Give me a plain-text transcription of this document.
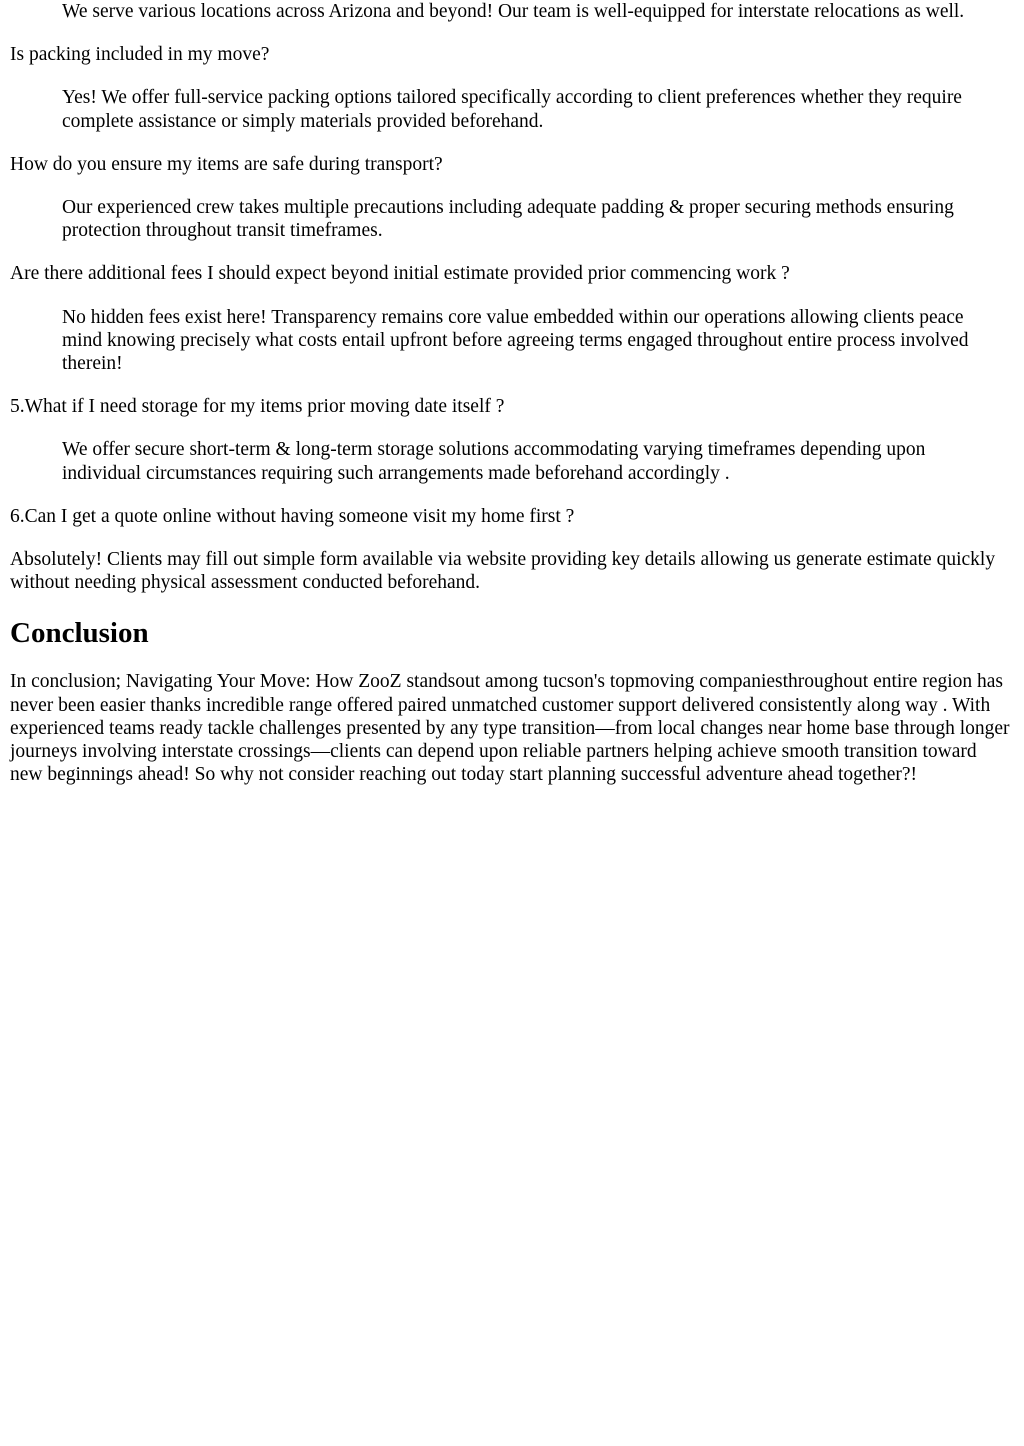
We serve various locations across Arizona and beyond! Our team is well-equipped for interstate relocations as well.

Is packing included in my move?

Yes! We offer full-service packing options tailored specifically according to client preferences whether they require complete assistance or simply materials provided beforehand.

How do you ensure my items are safe during transport?

Our experienced crew takes multiple precautions including adequate padding & proper securing methods ensuring protection throughout transit timeframes.

Are there additional fees I should expect beyond initial estimate provided prior commencing work ?

No hidden fees exist here! Transparency remains core value embedded within our operations allowing clients peace mind knowing precisely what costs entail upfront before agreeing terms engaged throughout entire process involved therein!

5.What if I need storage for my items prior moving date itself ?

We offer secure short-term & long-term storage solutions accommodating varying timeframes depending upon individual circumstances requiring such arrangements made beforehand accordingly .

6.Can I get a quote online without having someone visit my home first ?

Absolutely! Clients may fill out simple form available via website providing key details allowing us generate estimate quickly without needing physical assessment conducted beforehand.

Conclusion

In conclusion; Navigating Your Move: How ZooZ standsout among tucson's topmoving companiesthroughout entire region has never been easier thanks incredible range offered paired unmatched customer support delivered consistently along way . With experienced teams ready tackle challenges presented by any type transition—from local changes near home base through longer journeys involving interstate crossings—clients can depend upon reliable partners helping achieve smooth transition toward new beginnings ahead! So why not consider reaching out today start planning successful adventure ahead together?!
